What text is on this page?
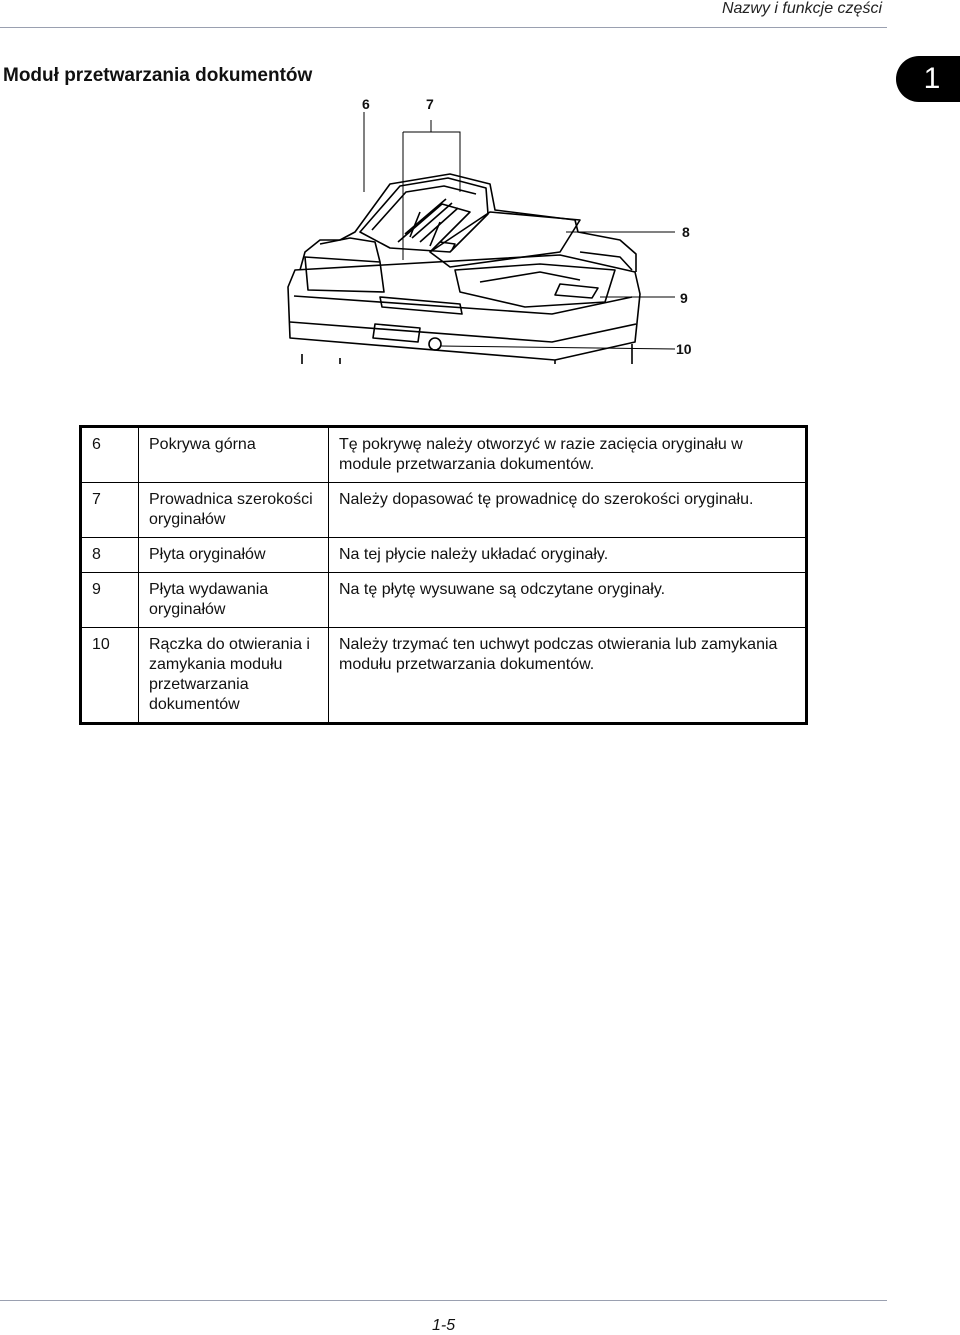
Nazwy i funkcje części
Moduł przetwarzania dokumentów	1
6	7
8
9
10
6	Pokrywa górna	Tę pokrywę należy otworzyć w razie zacięcia oryginału w module przetwarzania dokumentów.
7	Prowadnica szerokości oryginałów	Należy dopasować tę prowadnicę do szerokości oryginału.
8	Płyta oryginałów	Na tej płycie należy układać oryginały.
9	Płyta wydawania oryginałów	Na tę płytę wysuwane są odczytane oryginały.
10	Rączka do otwierania i zamykania modułu przetwarzania dokumentów	Należy trzymać ten uchwyt podczas otwierania lub zamykania modułu przetwarzania dokumentów.
1-5
